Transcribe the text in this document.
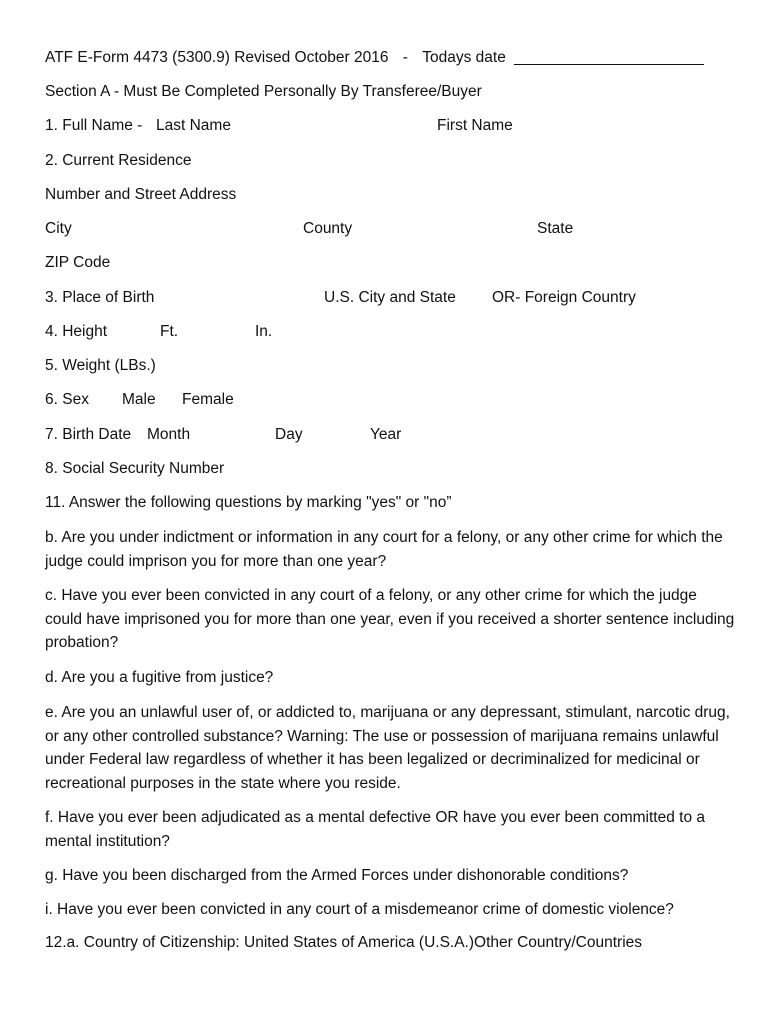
ATF E-Form 4473 (5300.9) Revised October 2016 - Todays date ______________________
Section A - Must Be Completed Personally By Transferee/Buyer
1. Full Name - Last Name	First Name
2. Current Residence
Number and Street Address
City	County	State
ZIP Code
3. Place of Birth	U.S. City and State OR- Foreign Country
4. Height	Ft.	In.
5. Weight (LBs.)
6. Sex Male Female
7. Birth Date Month	Day	Year
8. Social Security Number
11. Answer the following questions by marking "yes" or "no”
b. Are you under indictment or information in any court for a felony, or any other crime for which the judge could imprison you for more than one year?
c. Have you ever been convicted in any court of a felony, or any other crime for which the judge could have imprisoned you for more than one year, even if you received a shorter sentence including probation?
d. Are you a fugitive from justice?
e. Are you an unlawful user of, or addicted to, marijuana or any depressant, stimulant, narcotic drug, or any other controlled substance? Warning: The use or possession of marijuana remains unlawful under Federal law regardless of whether it has been legalized or decriminalized for medicinal or recreational purposes in the state where you reside.
f. Have you ever been adjudicated as a mental defective OR have you ever been committed to a mental institution?
g. Have you been discharged from the Armed Forces under dishonorable conditions?
i. Have you ever been convicted in any court of a misdemeanor crime of domestic violence?
12.a. Country of Citizenship: United States of America (U.S.A.)Other Country/Countries
